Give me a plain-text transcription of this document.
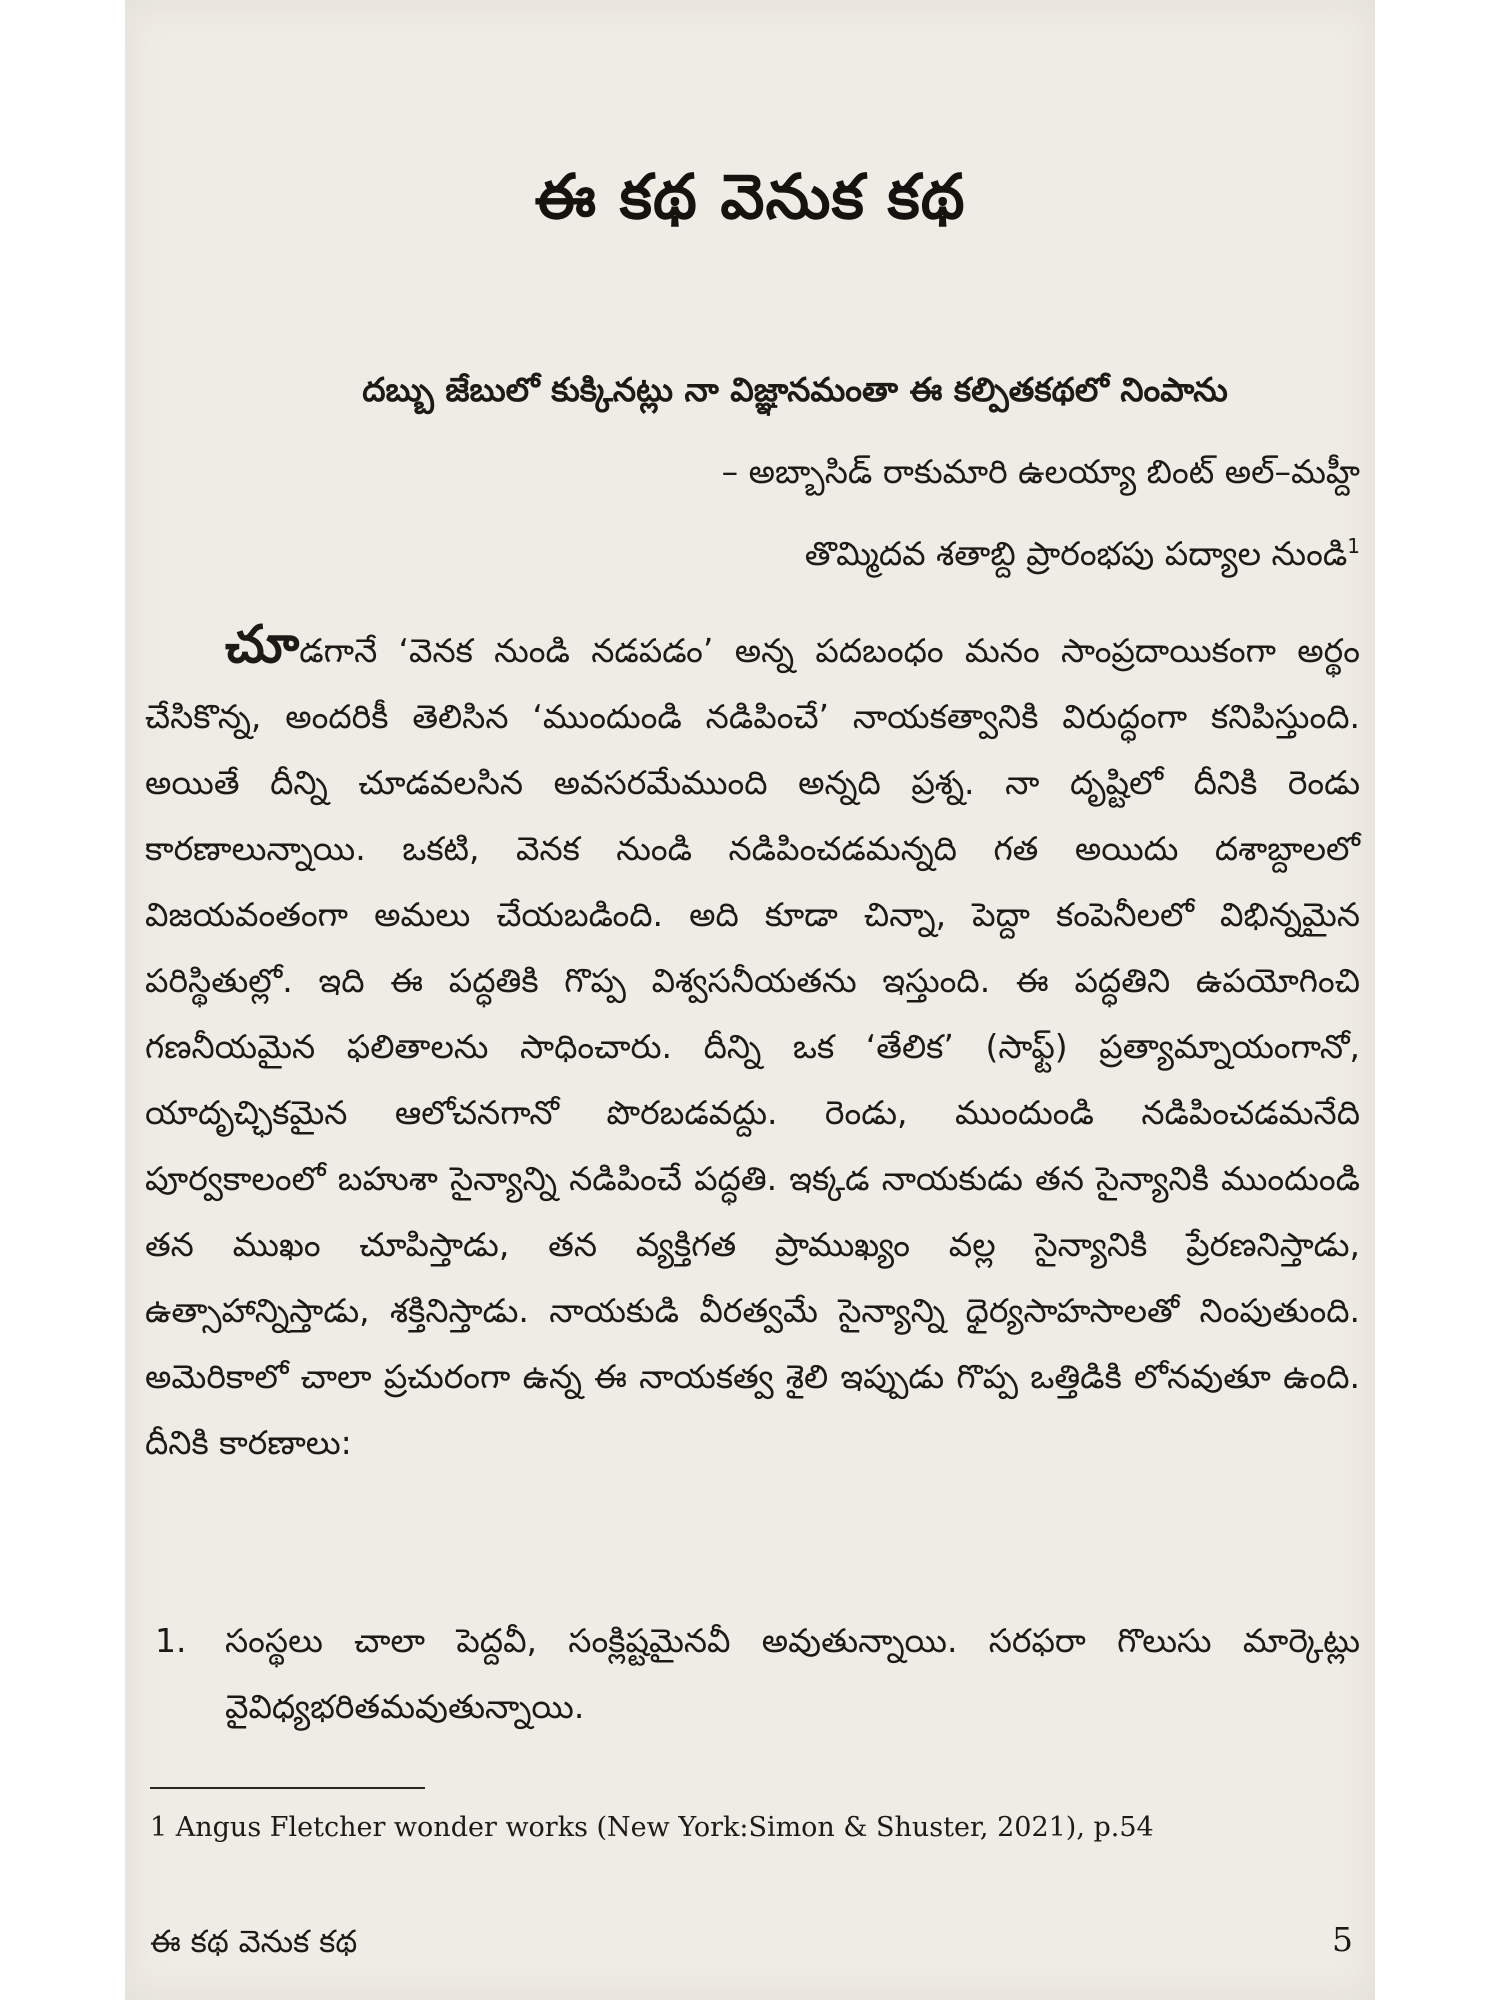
ఈ కథ వెనుక కథ
దబ్బు జేబులో కుక్కినట్లు నా విజ్ఞానమంతా ఈ కల్పితకథలో నింపాను
– అబ్బాసిడ్ రాకుమారి ఉలయ్యా బింట్ అల్–మహ్దీ
తొమ్మిదవ శతాబ్ది ప్రారంభపు పద్యాల నుండి$^1$
చూడగానే ‘వెనక నుండి నడపడం’ అన్న పదబంధం మనం సాంప్రదాయికంగా అర్థం చేసికొన్న, అందరికీ తెలిసిన ‘ముందుండి నడిపించే’ నాయకత్వానికి విరుద్ధంగా కనిపిస్తుంది. అయితే దీన్ని చూడవలసిన అవసరమేముంది అన్నది ప్రశ్న. నా దృష్టిలో దీనికి రెండు కారణాలున్నాయి. ఒకటి, వెనక నుండి నడిపించడమన్నది గత అయిదు దశాబ్దాలలో విజయవంతంగా అమలు చేయబడింది. అది కూడా చిన్నా, పెద్దా కంపెనీలలో విభిన్నమైన పరిస్థితుల్లో. ఇది ఈ పద్ధతికి గొప్ప విశ్వసనీయతను ఇస్తుంది. ఈ పద్ధతిని ఉపయోగించి గణనీయమైన ఫలితాలను సాధించారు. దీన్ని ఒక ‘తేలిక’ (సాఫ్ట్) ప్రత్యామ్నాయంగానో, యాదృచ్ఛికమైన ఆలోచనగానో పొరబడవద్దు. రెండు, ముందుండి నడిపించడమనేది పూర్వకాలంలో బహుశా సైన్యాన్ని నడిపించే పద్ధతి. ఇక్కడ నాయకుడు తన సైన్యానికి ముందుండి తన ముఖం చూపిస్తాడు, తన వ్యక్తిగత ప్రాముఖ్యం వల్ల సైన్యానికి ప్రేరణనిస్తాడు, ఉత్సాహాన్నిస్తాడు, శక్తినిస్తాడు. నాయకుడి వీరత్వమే సైన్యాన్ని ధైర్యసాహసాలతో నింపుతుంది. అమెరికాలో చాలా ప్రచురంగా ఉన్న ఈ నాయకత్వ శైలి ఇప్పుడు గొప్ప ఒత్తిడికి లోనవుతూ ఉంది. దీనికి కారణాలు:
1.	సంస్థలు చాలా పెద్దవీ, సంక్లిష్టమైనవీ అవుతున్నాయి. సరఫరా గొలుసు మార్కెట్లు వైవిధ్యభరితమవుతున్నాయి.
1 Angus Fletcher wonder works (New York:Simon & Shuster, 2021), p.54
ఈ కథ వెనుక కథ	5
